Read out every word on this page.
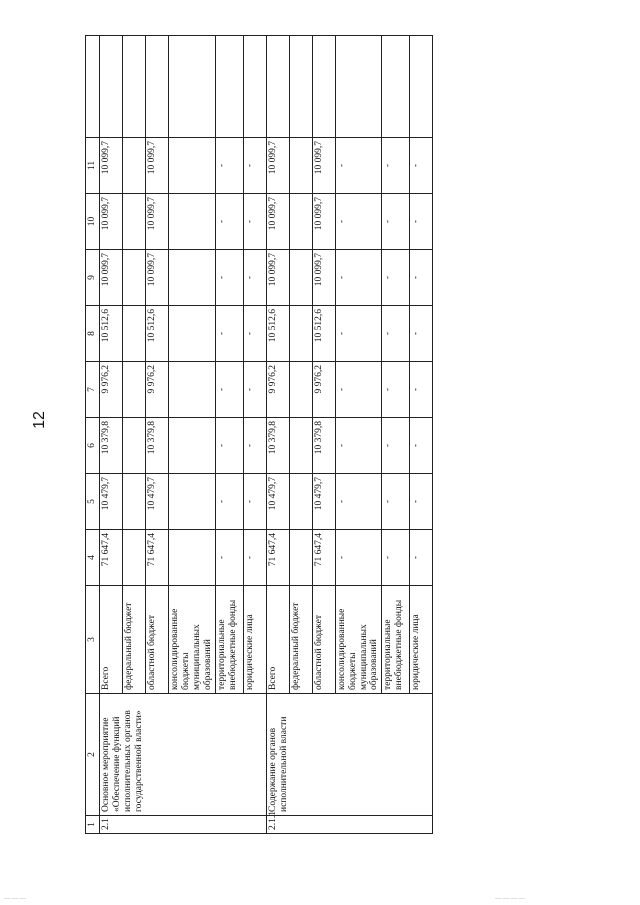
12
1	2	3	4	5	6	7	8	9	10	11	
2.1	Основное мероприятие «Обеспечение функций исполнительных органов государственной власти»	Всего	71 647,4	10 479,7	10 379,8	9 976,2	10 512,6	10 099,7	10 099,7	10 099,7	
		федеральный бюджет									
		областной бюджет	71 647,4	10 479,7	10 379,8	9 976,2	10 512,6	10 099,7	10 099,7	10 099,7	
		консолидированные бюджеты муниципальных образований									
		территориальные внебюджетные фонды	-	-	-	-	-	-	-	-	
		юридические лица	-	-	-	-	-	-	-	-	
2.1.1	Содержание органов исполнительной власти	Всего	71 647,4	10 479,7	10 379,8	9 976,2	10 512,6	10 099,7	10 099,7	10 099,7	
		федеральный бюджет									
		областной бюджет	71 647,4	10 479,7	10 379,8	9 976,2	10 512,6	10 099,7	10 099,7	10 099,7	
		консолидированные бюджеты муниципальных образований	-	-	-	-	-	-	-	-	
		территориальные внебюджетные фонды	-	-	-	-	-	-	-	-	
		юридические лица	-	-	-	-	-	-	-	-	
—·—·—	—·—·—·—
